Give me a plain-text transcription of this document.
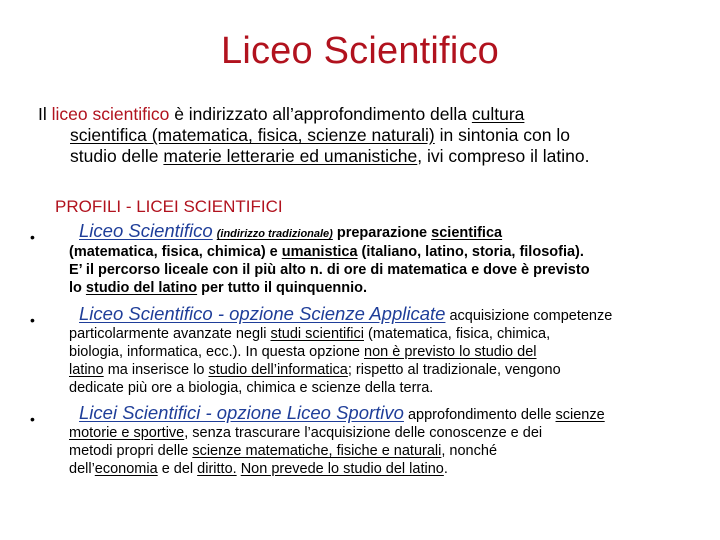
Liceo Scientifico
Il liceo scientifico è indirizzato all’approfondimento della cultura
scientifica (matematica, fisica, scienze naturali) in sintonia con lo
studio delle materie letterarie ed umanistiche, ivi compreso il latino.
PROFILI - LICEI SCIENTIFICI
• Liceo Scientifico (indirizzo tradizionale) preparazione scientifica
(matematica, fisica, chimica) e umanistica (italiano, latino, storia, filosofia).
E’ il percorso liceale con il più alto n. di ore di matematica e dove è previsto
lo studio del latino per tutto il quinquennio.
• Liceo Scientifico - opzione Scienze Applicate acquisizione competenze
particolarmente avanzate negli studi scientifici (matematica, fisica, chimica,
biologia, informatica, ecc.). In questa opzione non è previsto lo studio del
latino ma inserisce lo studio dell’informatica; rispetto al tradizionale, vengono
dedicate più ore a biologia, chimica e scienze della terra.
• Licei Scientifici - opzione Liceo Sportivo approfondimento delle scienze
motorie e sportive, senza trascurare l’acquisizione delle conoscenze e dei
metodi propri delle scienze matematiche, fisiche e naturali, nonché
dell’economia e del diritto. Non prevede lo studio del latino.
